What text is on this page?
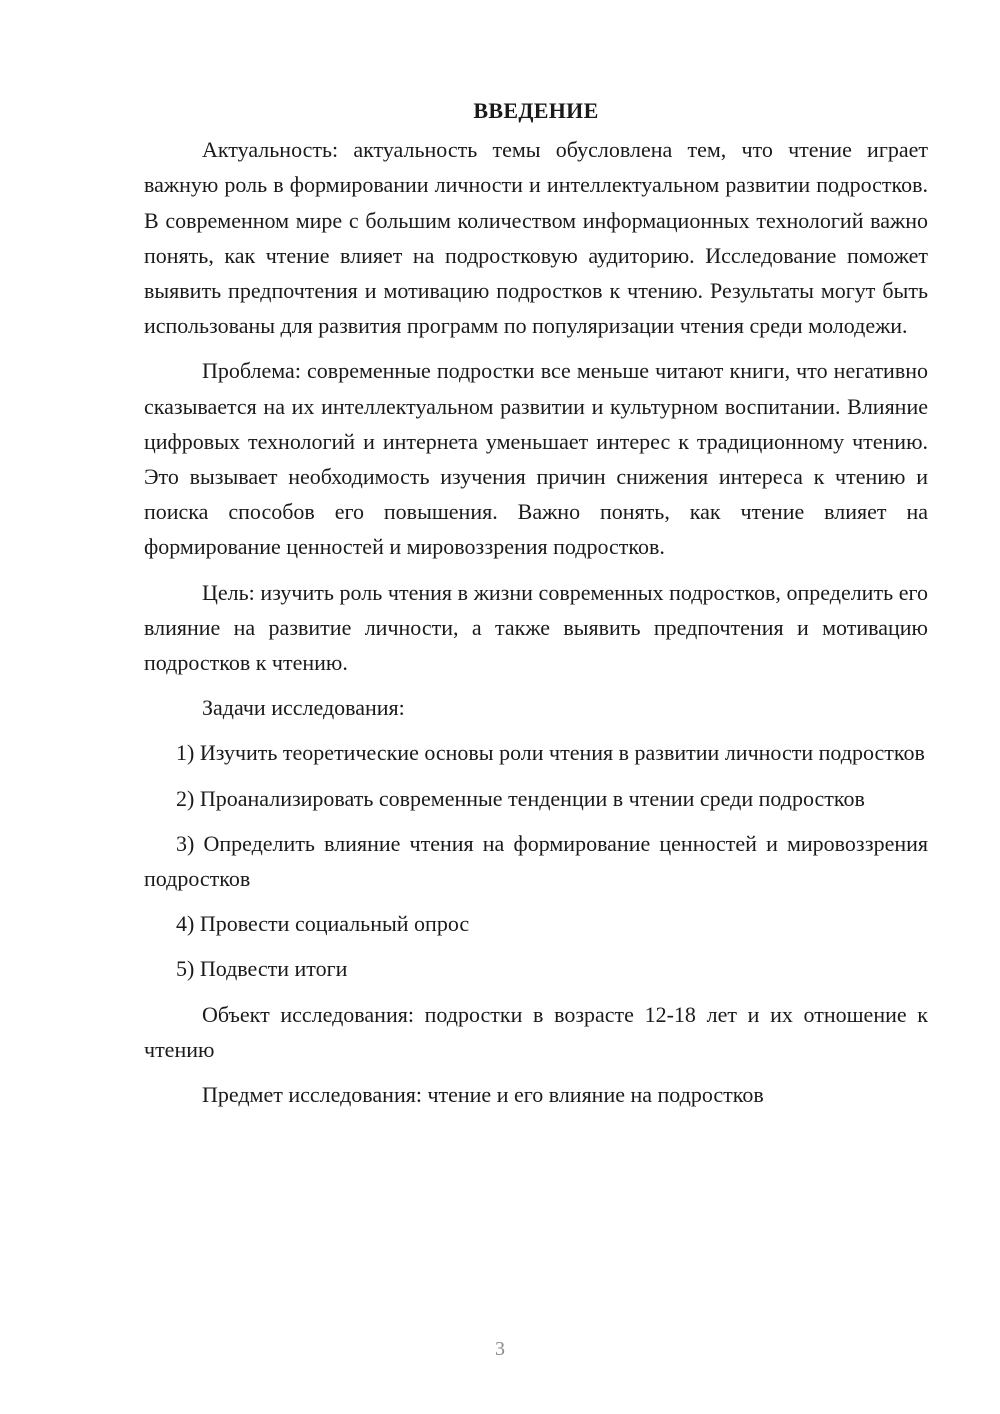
ВВЕДЕНИЕ

Актуальность: актуальность темы обусловлена тем, что чтение играет важную роль в формировании личности и интеллектуальном развитии подростков. В современном мире с большим количеством информационных технологий важно понять, как чтение влияет на подростковую аудиторию. Исследование поможет выявить предпочтения и мотивацию подростков к чтению. Результаты могут быть использованы для развития программ по популяризации чтения среди молодежи.

Проблема: современные подростки все меньше читают книги, что негативно сказывается на их интеллектуальном развитии и культурном воспитании. Влияние цифровых технологий и интернета уменьшает интерес к традиционному чтению. Это вызывает необходимость изучения причин снижения интереса к чтению и поиска способов его повышения. Важно понять, как чтение влияет на формирование ценностей и мировоззрения подростков.

Цель: изучить роль чтения в жизни современных подростков, определить его влияние на развитие личности, а также выявить предпочтения и мотивацию подростков к чтению.

Задачи исследования:

1) Изучить теоретические основы роли чтения в развитии личности подростков

2) Проанализировать современные тенденции в чтении среди подростков

3) Определить влияние чтения на формирование ценностей и мировоззрения подростков

4) Провести социальный опрос

5) Подвести итоги

Объект исследования: подростки в возрасте 12-18 лет и их отношение к чтению

Предмет исследования: чтение и его влияние на подростков

3
